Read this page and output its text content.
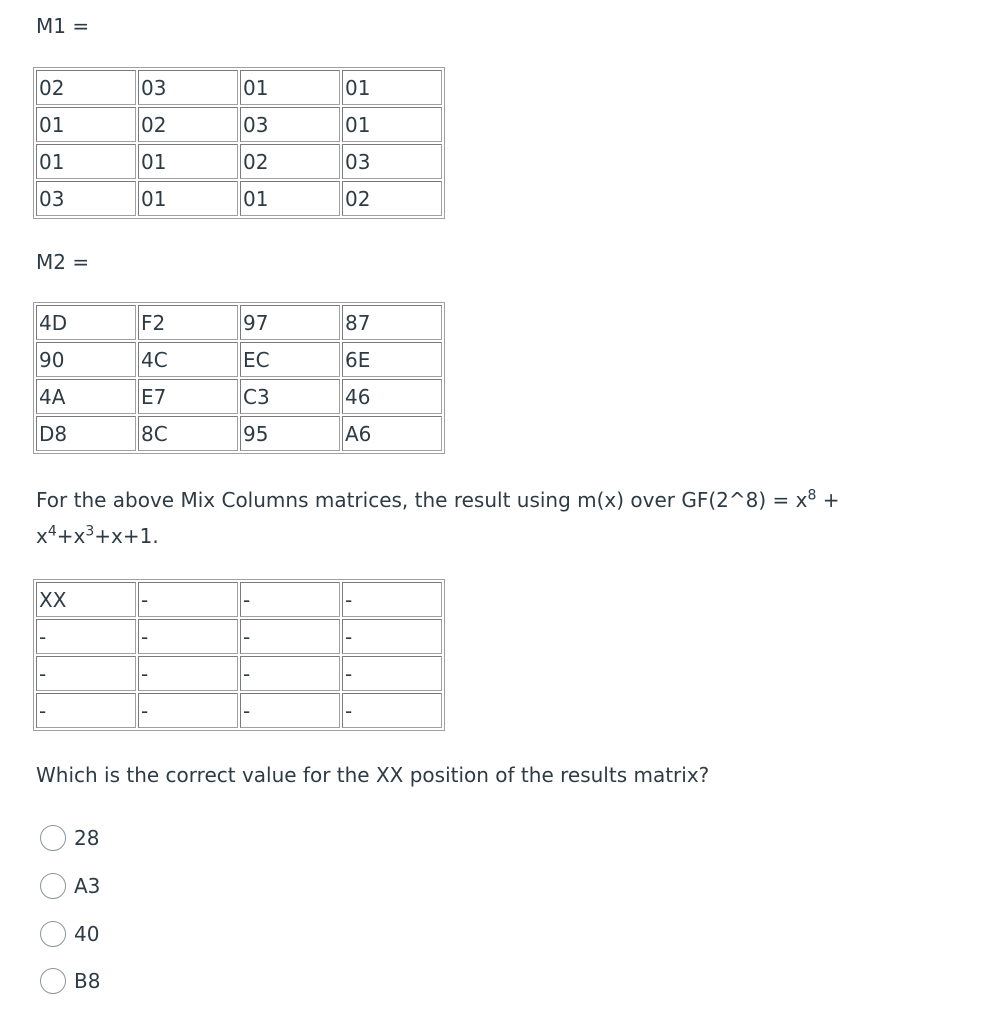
M1 =
02	03	01	01
01	02	03	01
01	01	02	03
03	01	01	02
M2 =
4D	F2	97	87
90	4C	EC	6E
4A	E7	C3	46
D8	8C	95	A6
For the above Mix Columns matrices, the result using m(x) over GF(2^8) = $x^8$ +
$x^4+x^3+x+1$.
XX	-	-	-
-	-	-	-
-	-	-	-
-	-	-	-
Which is the correct value for the XX position of the results matrix?
28
A3
40
B8
